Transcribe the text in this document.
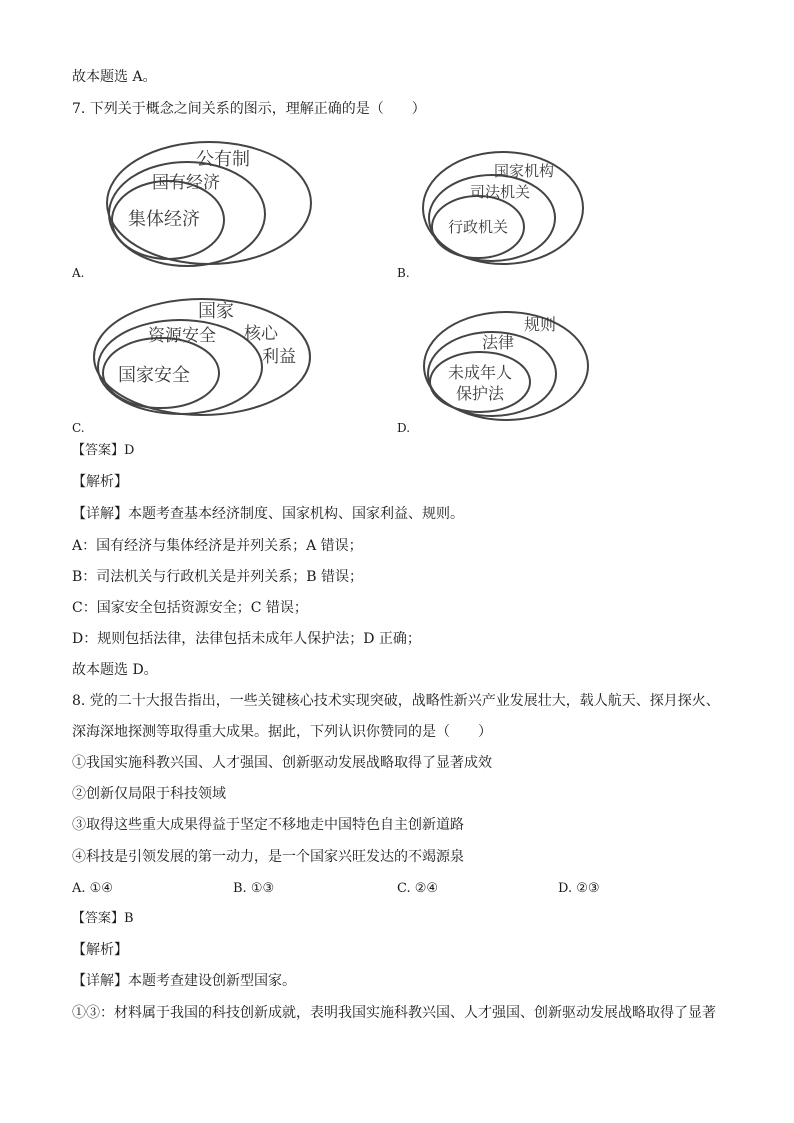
故本题选 A。
7. 下列关于概念之间关系的图示，理解正确的是（　　）
公有制
国有经济
集体经济
A.
国家机构
司法机关
行政机关
B.
国家
资源安全 核心
利益
国家安全
C.
规则
法律
未成年人
保护法
D.
【答案】D
【解析】
【详解】本题考查基本经济制度、国家机构、国家利益、规则。
A：国有经济与集体经济是并列关系；A 错误；
B：司法机关与行政机关是并列关系；B 错误；
C：国家安全包括资源安全；C 错误；
D：规则包括法律，法律包括未成年人保护法；D 正确；
故本题选 D。
8. 党的二十大报告指出，一些关键核心技术实现突破，战略性新兴产业发展壮大，载人航天、探月探火、
深海深地探测等取得重大成果。据此，下列认识你赞同的是（　　）
①我国实施科教兴国、人才强国、创新驱动发展战略取得了显著成效
②创新仅局限于科技领域
③取得这些重大成果得益于坚定不移地走中国特色自主创新道路
④科技是引领发展的第一动力，是一个国家兴旺发达的不竭源泉
A. ①④	B. ①③	C. ②④	D. ②③
【答案】B
【解析】
【详解】本题考查建设创新型国家。
①③：材料属于我国的科技创新成就，表明我国实施科教兴国、人才强国、创新驱动发展战略取得了显著
